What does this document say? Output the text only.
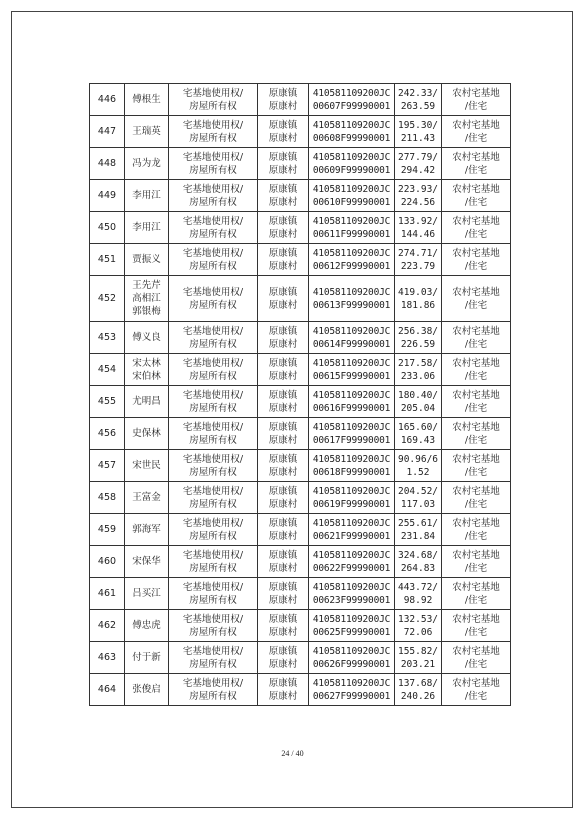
446	傅根生	宅基地使用权/
房屋所有权	原康镇
原康村	410581109200JC
00607F99990001	242.33/
263.59	农村宅基地
/住宅

447	王瑞英	宅基地使用权/
房屋所有权	原康镇
原康村	410581109200JC
00608F99990001	195.30/
211.43	农村宅基地
/住宅

448	冯为龙	宅基地使用权/
房屋所有权	原康镇
原康村	410581109200JC
00609F99990001	277.79/
294.42	农村宅基地
/住宅

449	李用江	宅基地使用权/
房屋所有权	原康镇
原康村	410581109200JC
00610F99990001	223.93/
224.56	农村宅基地
/住宅

450	李用江	宅基地使用权/
房屋所有权	原康镇
原康村	410581109200JC
00611F99990001	133.92/
144.46	农村宅基地
/住宅

451	贾振义	宅基地使用权/
房屋所有权	原康镇
原康村	410581109200JC
00612F99990001	274.71/
223.79	农村宅基地
/住宅

452	王先芹
高相江
郭银梅	宅基地使用权/
房屋所有权	原康镇
原康村	410581109200JC
00613F99990001	419.03/
181.86	农村宅基地
/住宅

453	傅义良	宅基地使用权/
房屋所有权	原康镇
原康村	410581109200JC
00614F99990001	256.38/
226.59	农村宅基地
/住宅

454	宋太林
宋伯林	宅基地使用权/
房屋所有权	原康镇
原康村	410581109200JC
00615F99990001	217.58/
233.06	农村宅基地
/住宅

455	尤明昌	宅基地使用权/
房屋所有权	原康镇
原康村	410581109200JC
00616F99990001	180.40/
205.04	农村宅基地
/住宅

456	史保林	宅基地使用权/
房屋所有权	原康镇
原康村	410581109200JC
00617F99990001	165.60/
169.43	农村宅基地
/住宅

457	宋世民	宅基地使用权/
房屋所有权	原康镇
原康村	410581109200JC
00618F99990001	90.96/6
1.52	农村宅基地
/住宅

458	王富金	宅基地使用权/
房屋所有权	原康镇
原康村	410581109200JC
00619F99990001	204.52/
117.03	农村宅基地
/住宅

459	郭海军	宅基地使用权/
房屋所有权	原康镇
原康村	410581109200JC
00621F99990001	255.61/
231.84	农村宅基地
/住宅

460	宋保华	宅基地使用权/
房屋所有权	原康镇
原康村	410581109200JC
00622F99990001	324.68/
264.83	农村宅基地
/住宅

461	吕买江	宅基地使用权/
房屋所有权	原康镇
原康村	410581109200JC
00623F99990001	443.72/
98.92	农村宅基地
/住宅

462	傅忠虎	宅基地使用权/
房屋所有权	原康镇
原康村	410581109200JC
00625F99990001	132.53/
72.06	农村宅基地
/住宅

463	付于新	宅基地使用权/
房屋所有权	原康镇
原康村	410581109200JC
00626F99990001	155.82/
203.21	农村宅基地
/住宅

464	张俊启	宅基地使用权/
房屋所有权	原康镇
原康村	410581109200JC
00627F99990001	137.68/
240.26	农村宅基地
/住宅
24 / 40
